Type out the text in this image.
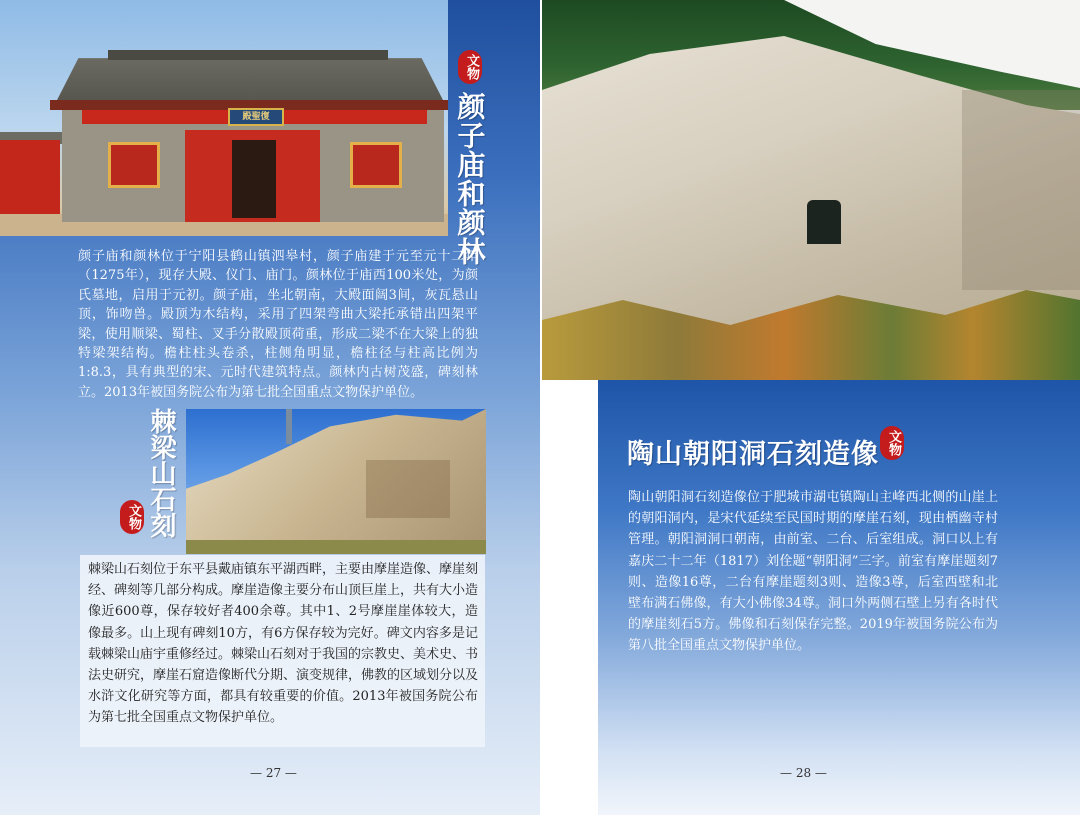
殿聖復
文物
颜子庙和颜林

颜子庙和颜林位于宁阳县鹤山镇泗皋村，颜子庙建于元至元十二年（1275年），现存大殿、仪门、庙门。颜林位于庙西100米处，为颜氏墓地，启用于元初。颜子庙，坐北朝南，大殿面阔3间，灰瓦悬山顶，饰吻兽。殿顶为木结构，采用了四架弯曲大梁托承错出四架平梁，使用顺梁、蜀柱、叉手分散殿顶荷重，形成二梁不在大梁上的独特梁架结构。檐柱柱头卷杀，柱侧角明显，檐柱径与柱高比例为1:8.3，具有典型的宋、元时代建筑特点。颜林内古树茂盛，碑刻林立。2013年被国务院公布为第七批全国重点文物保护单位。

棘梁山石刻
文物

棘梁山石刻位于东平县戴庙镇东平湖西畔，主要由摩崖造像、摩崖刻经、碑刻等几部分构成。摩崖造像主要分布山顶巨崖上，共有大小造像近600尊，保存较好者400余尊。其中1、2号摩崖崖体较大，造像最多。山上现有碑刻10方，有6方保存较为完好。碑文内容多是记载棘梁山庙宇重修经过。棘梁山石刻对于我国的宗教史、美术史、书法史研究，摩崖石窟造像断代分期、演变规律，佛教的区域划分以及水浒文化研究等方面，都具有较重要的价值。2013年被国务院公布为第七批全国重点文物保护单位。

— 27 —
陶山朝阳洞石刻造像 文物

陶山朝阳洞石刻造像位于肥城市湖屯镇陶山主峰西北侧的山崖上的朝阳洞内，是宋代延续至民国时期的摩崖石刻，现由栖幽寺村管理。朝阳洞洞口朝南，由前室、二台、后室组成。洞口以上有嘉庆二十二年（1817）刘佺题“朝阳洞”三字。前室有摩崖题刻7则、造像16尊，二台有摩崖题刻3则、造像3尊，后室西壁和北壁布满石佛像，有大小佛像34尊。洞口外两侧石壁上另有各时代的摩崖刻石5方。佛像和石刻保存完整。2019年被国务院公布为第八批全国重点文物保护单位。

— 28 —
